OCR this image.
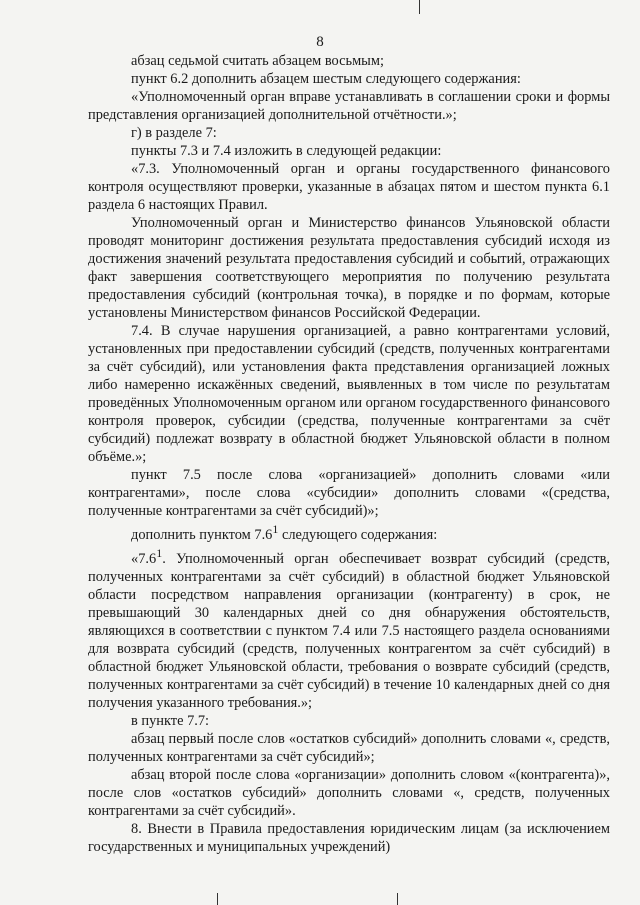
8

абзац седьмой считать абзацем восьмым;

пункт 6.2 дополнить абзацем шестым следующего содержания:

«Уполномоченный орган вправе устанавливать в соглашении сроки и формы представления организацией дополнительной отчётности.»;

г) в разделе 7:

пункты 7.3 и 7.4 изложить в следующей редакции:

«7.3. Уполномоченный орган и органы государственного финансового контроля осуществляют проверки, указанные в абзацах пятом и шестом пункта 6.1 раздела 6 настоящих Правил.

Уполномоченный орган и Министерство финансов Ульяновской области проводят мониторинг достижения результата предоставления субсидий исходя из достижения значений результата предоставления субсидий и событий, отражающих факт завершения соответствующего мероприятия по получению результата предоставления субсидий (контрольная точка), в порядке и по формам, которые установлены Министерством финансов Российской Федерации.

7.4. В случае нарушения организацией, а равно контрагентами условий, установленных при предоставлении субсидий (средств, полученных контрагентами за счёт субсидий), или установления факта представления организацией ложных либо намеренно искажённых сведений, выявленных в том числе по результатам проведённых Уполномоченным органом или органом государственного финансового контроля проверок, субсидии (средства, полученные контрагентами за счёт субсидий) подлежат возврату в областной бюджет Ульяновской области в полном объёме.»;

пункт 7.5 после слова «организацией» дополнить словами «или контрагентами», после слова «субсидии» дополнить словами «(средства, полученные контрагентами за счёт субсидий)»;

дополнить пунктом $7.6^1$ следующего содержания:

«$7.6^1$. Уполномоченный орган обеспечивает возврат субсидий (средств, полученных контрагентами за счёт субсидий) в областной бюджет Ульяновской области посредством направления организации (контрагенту) в срок, не превышающий 30 календарных дней со дня обнаружения обстоятельств, являющихся в соответствии с пунктом 7.4 или 7.5 настоящего раздела основаниями для возврата субсидий (средств, полученных контрагентом за счёт субсидий) в областной бюджет Ульяновской области, требования о возврате субсидий (средств, полученных контрагентами за счёт субсидий) в течение 10 календарных дней со дня получения указанного требования.»;

в пункте 7.7:

абзац первый после слов «остатков субсидий» дополнить словами «, средств, полученных контрагентами за счёт субсидий»;

абзац второй после слова «организации» дополнить словом «(контрагента)», после слов «остатков субсидий» дополнить словами «, средств, полученных контрагентами за счёт субсидий».

8. Внести в Правила предоставления юридическим лицам (за исключением государственных и муниципальных учреждений)
